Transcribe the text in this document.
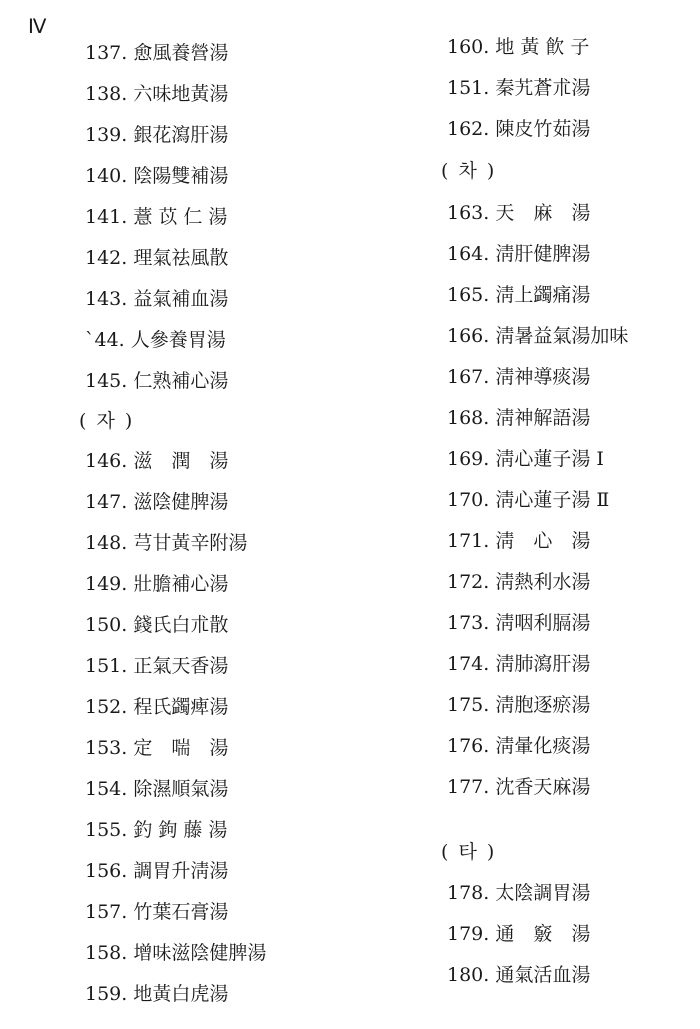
Ⅳ
137. 愈風養營湯
138. 六味地黃湯
139. 銀花瀉肝湯
140. 陰陽雙補湯
141. 薏 苡 仁 湯
142. 理氣祛風散
143. 益氣補血湯
`44. 人參養胃湯
145. 仁熟補心湯
( 자 )
146. 滋　潤　湯
147. 滋陰健脾湯
148. 芎甘黃辛附湯
149. 壯膽補心湯
150. 錢氏白朮散
151. 正氣天香湯
152. 程氏蠲痺湯
153. 定　喘　湯
154. 除濕順氣湯
155. 釣 鉤 藤 湯
156. 調胃升淸湯
157. 竹葉石膏湯
158. 增味滋陰健脾湯
159. 地黃白虎湯
160. 地 黃 飮 子
151. 秦艽蒼朮湯
162. 陳皮竹茹湯
( 차 )
163. 天　麻　湯
164. 淸肝健脾湯
165. 淸上蠲痛湯
166. 淸暑益氣湯加味
167. 淸神導痰湯
168. 淸神解語湯
169. 淸心蓮子湯 Ⅰ
170. 淸心蓮子湯 Ⅱ
171. 淸　心　湯
172. 淸熱利水湯
173. 淸咽利膈湯
174. 淸肺瀉肝湯
175. 淸胞逐瘀湯
176. 淸暈化痰湯
177. 沈香天麻湯
( 타 )
178. 太陰調胃湯
179. 通　竅　湯
180. 通氣活血湯
